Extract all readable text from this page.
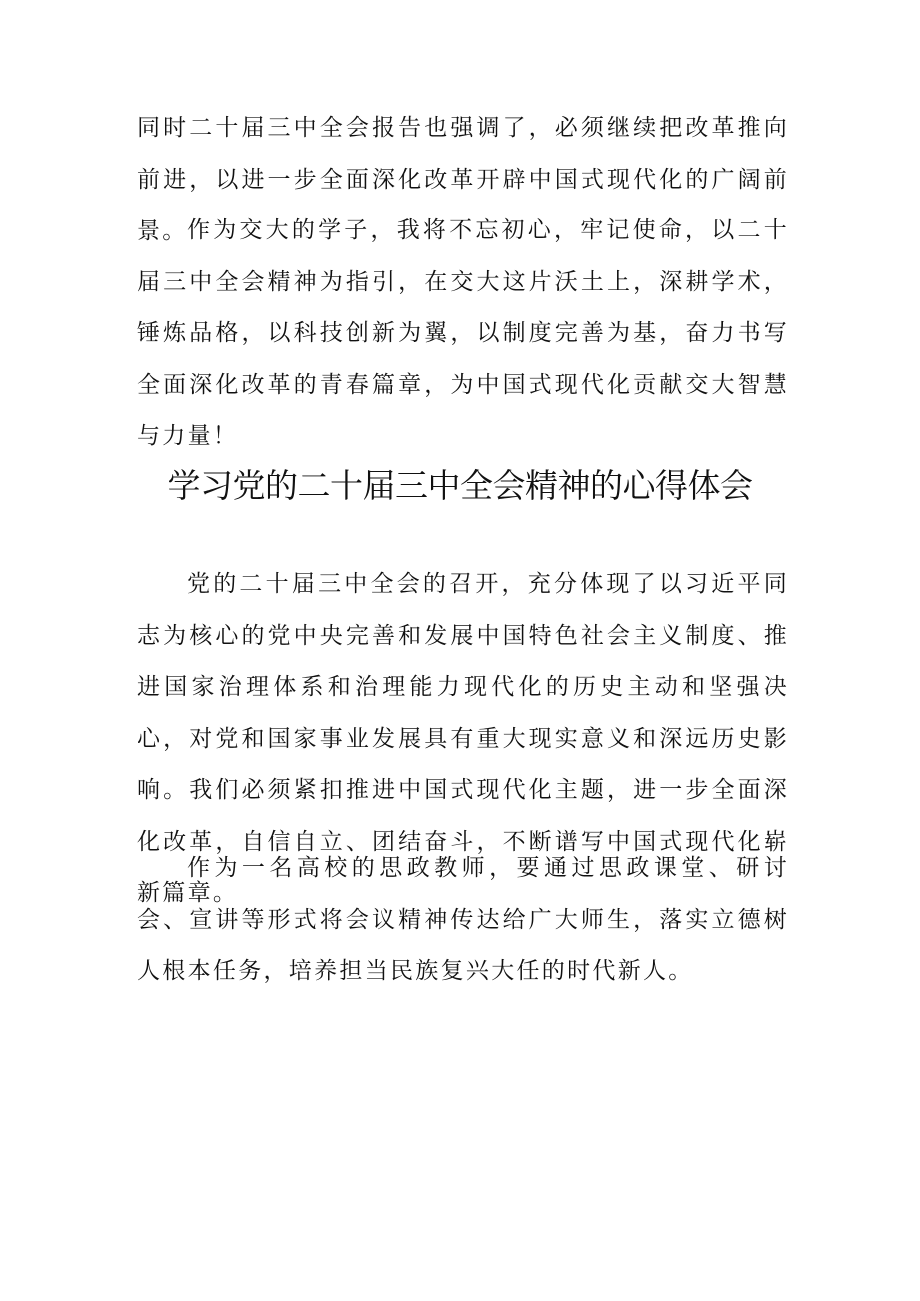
同时二十届三中全会报告也强调了，必须继续把改革推向前进，以进一步全面深化改革开辟中国式现代化的广阔前景。 作为交大的学子，我将不忘初心，牢记使命，以二十届三中全会精神为指引，在交大这片沃土上，深耕学术，锤炼品格，以科技创新为翼，以制度完善为基，奋力书写全面深化改革的青春篇章，为中国式现代化贡献交大智慧与力量！

学习党的二十届三中全会精神的心得体会

党的二十届三中全会的召开，充分体现了以习近平同志为核心的党中央完善和发展中国特色社会主义制度、推进国家治理体系和治理能力现代化的历史主动和坚强决心，对党和国家事业发展具有重大现实意义和深远历史影响。我们必须紧扣推进中国式现代化主题，进一步全面深化改革，自信自立、团结奋斗，不断谱写中国式现代化崭新篇章。

作为一名高校的思政教师，要通过思政课堂、研讨会、宣讲等形式将会议精神传达给广大师生，落实立德树人根本任务，培养担当民族复兴大任的时代新人。
